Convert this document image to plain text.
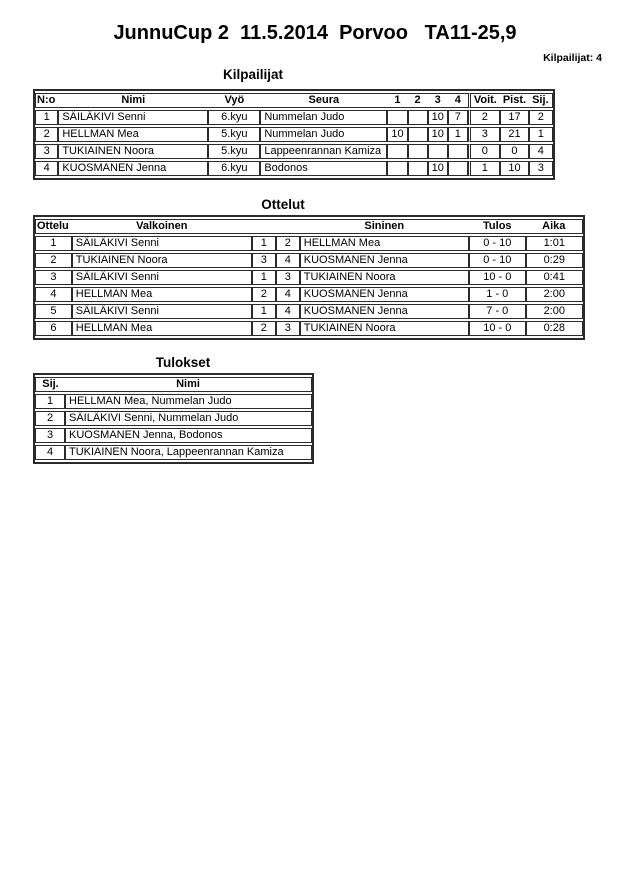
JunnuCup 2  11.5.2014  Porvoo   TA11-25,9
Kilpailijat: 4
Kilpailijat
N:o	Nimi	Vyö	Seura	1	2	3	4	Voit.	Pist.	Sij.
1	SÄILÄKIVI Senni	6.kyu	Nummelan Judo			10	7	2	17	2
2	HELLMAN Mea	5.kyu	Nummelan Judo	10		10	1	3	21	1
3	TUKIAINEN Noora	5.kyu	Lappeenrannan Kamiza					0	0	4
4	KUOSMANEN Jenna	6.kyu	Bodonos			10		1	10	3
Ottelut
Ottelu	Valkoinen			Sininen	Tulos	Aika
1	SÄILÄKIVI Senni	1	2	HELLMAN Mea	0 - 10	1:01
2	TUKIAINEN Noora	3	4	KUOSMANEN Jenna	0 - 10	0:29
3	SÄILÄKIVI Senni	1	3	TUKIAINEN Noora	10 - 0	0:41
4	HELLMAN Mea	2	4	KUOSMANEN Jenna	1 - 0	2:00
5	SÄILÄKIVI Senni	1	4	KUOSMANEN Jenna	7 - 0	2:00
6	HELLMAN Mea	2	3	TUKIAINEN Noora	10 - 0	0:28
Tulokset
Sij.	Nimi
1	HELLMAN Mea, Nummelan Judo
2	SÄILÄKIVI Senni, Nummelan Judo
3	KUOSMANEN Jenna, Bodonos
4	TUKIAINEN Noora, Lappeenrannan Kamiza
